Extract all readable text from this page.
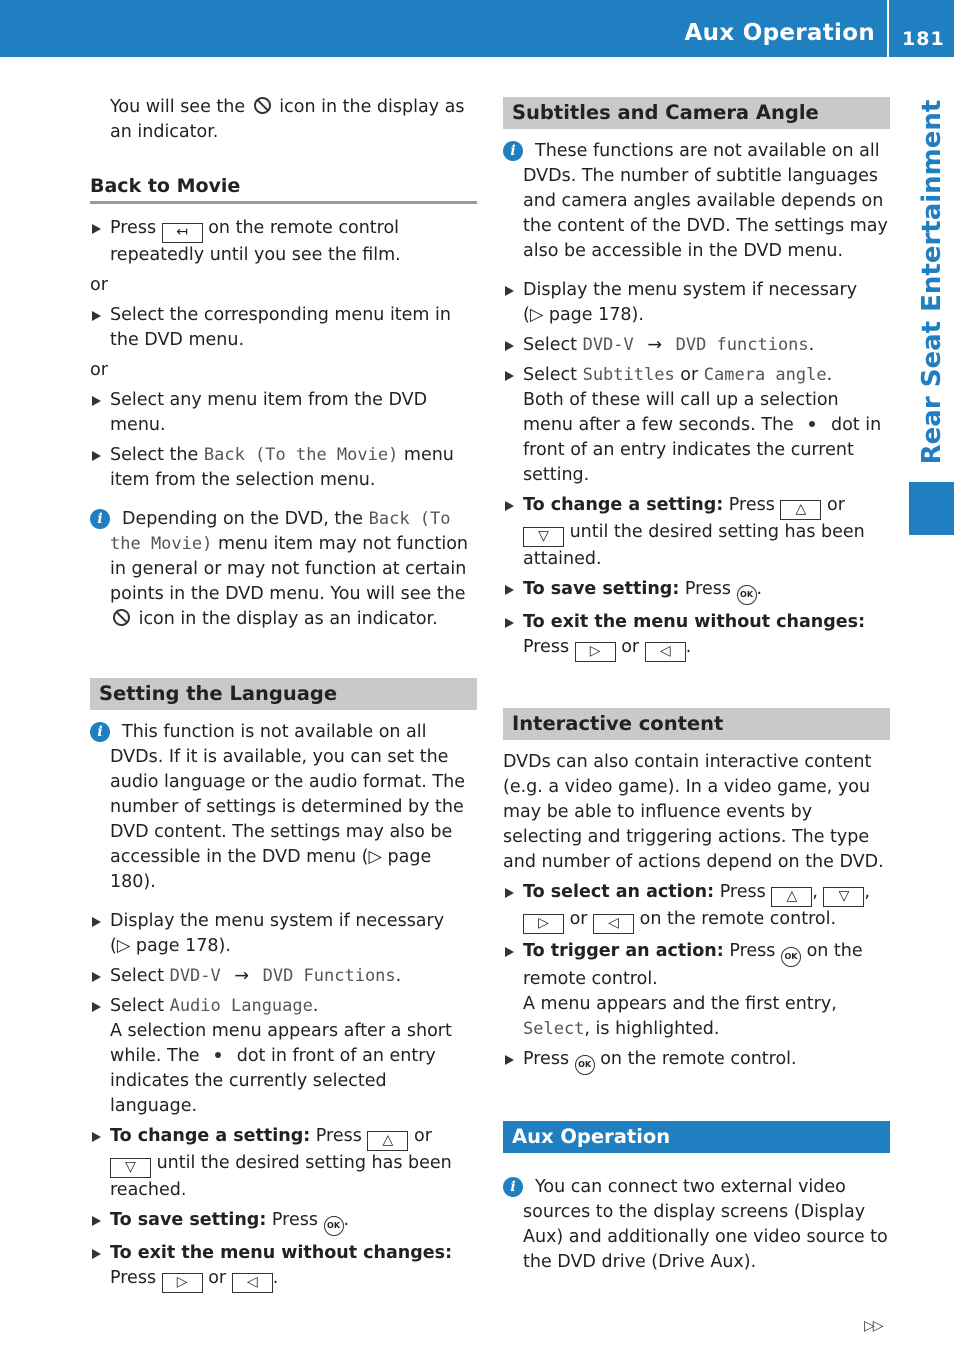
Aux Operation 181
Rear Seat Entertainment

You will see the icon in the display as an indicator.

Back to Movie
Press ↤ on the remote control repeatedly until you see the film.
or
Select the corresponding menu item in the DVD menu.
or
Select any menu item from the DVD menu.
Select the Back (To the Movie) menu item from the selection menu.
i	Depending on the DVD, the Back (To the Movie) menu item may not function in general or may not function at certain points in the DVD menu. You will see the  icon in the display as an indicator.
Setting the Language
i	This function is not available on all DVDs. If it is available, you can set the audio language or the audio format. The number of settings is determined by the DVD content. The settings may also be accessible in the DVD menu (▷ page 180).
Display the menu system if necessary
(▷ page 178).
Select DVD-V → DVD Functions.
Select Audio Language.

A selection menu appears after a short while. The dot in front of an entry indicates the currently selected language.

To change a setting: Press △ or ▽ until the desired setting has been reached.
To save setting: Press OK .
To exit the menu without changes:
Press ▷ or ◁ .
Subtitles and Camera Angle
i	These functions are not available on all DVDs. The number of subtitle languages and camera angles available depends on the content of the DVD. The settings may also be accessible in the DVD menu.
Display the menu system if necessary
(▷ page 178).
Select DVD-V → DVD functions.
Select Subtitles or Camera angle.
Both of these will call up a selection menu after a few seconds. The dot in front of an entry indicates the current setting.
To change a setting: Press △ or ▽ until the desired setting has been attained.
To save setting: Press OK .
To exit the menu without changes:
Press ▷ or ◁ .
Interactive content

DVDs can also contain interactive content (e.g. a video game). In a video game, you may be able to influence events by selecting and triggering actions. The type and number of actions depend on the DVD.

To select an action: Press △ , ▽ , ▷ or ◁ on the remote control.
To trigger an action: Press OK on the remote control.
A menu appears and the first entry, Select, is highlighted.
Press OK on the remote control.
Aux Operation
i	You can connect two external video sources to the display screens (Display Aux) and additionally one video source to the DVD drive (Drive Aux).
▷▷
